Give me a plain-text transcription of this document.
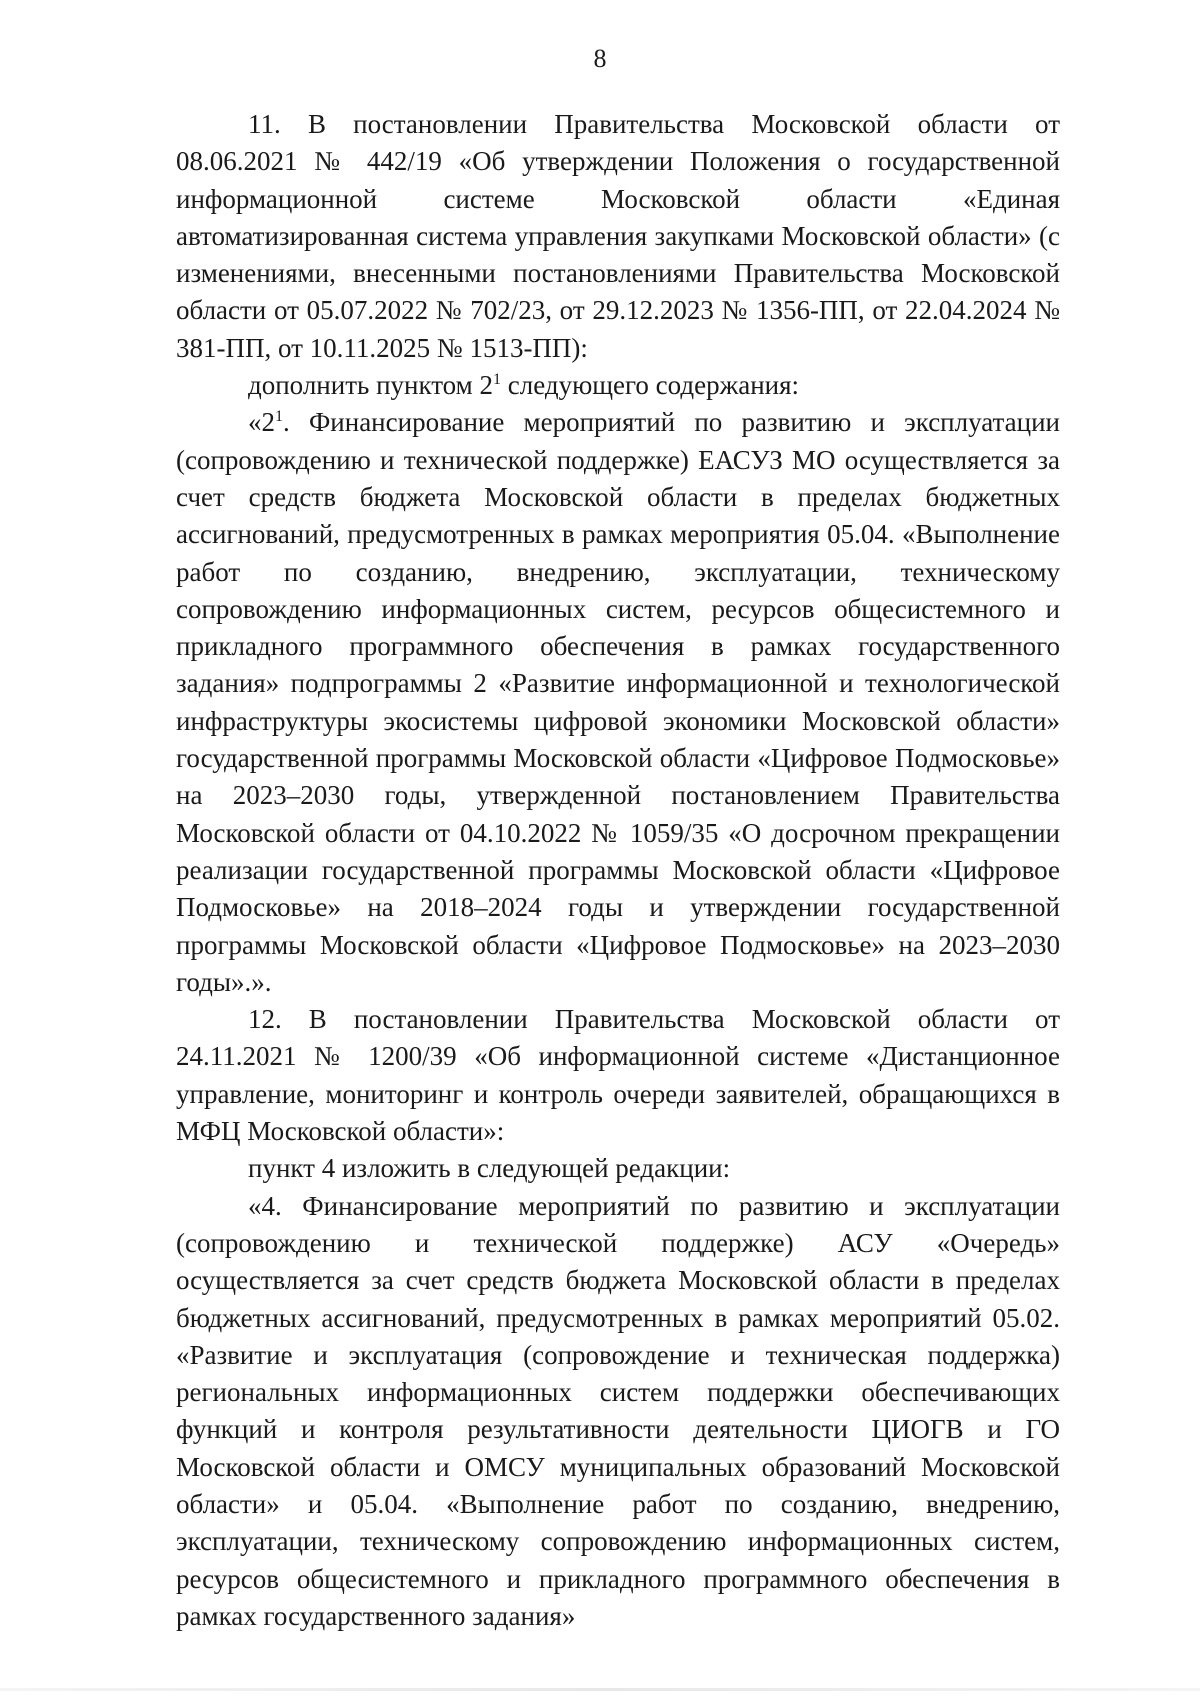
8

11. В постановлении Правительства Московской области от 08.06.2021 № 442/19 «Об утверждении Положения о государственной информационной системе Московской области «Единая автоматизированная система управления закупками Московской области» (с изменениями, внесенными постановлениями Правительства Московской области от 05.07.2022 № 702/23, от 29.12.2023 № 1356-ПП, от 22.04.2024 № 381-ПП, от 10.11.2025 № 1513-ПП):

дополнить пунктом $2^1$ следующего содержания:

«$2^1$. Финансирование мероприятий по развитию и эксплуатации (сопровождению и технической поддержке) ЕАСУЗ МО осуществляется за счет средств бюджета Московской области в пределах бюджетных ассигнований, предусмотренных в рамках мероприятия 05.04. «Выполнение работ по созданию, внедрению, эксплуатации, техническому сопровождению информационных систем, ресурсов общесистемного и прикладного программного обеспечения в рамках государственного задания» подпрограммы 2 «Развитие информационной и технологической инфраструктуры экосистемы цифровой экономики Московской области» государственной программы Московской области «Цифровое Подмосковье» на 2023–2030 годы, утвержденной постановлением Правительства Московской области от 04.10.2022 № 1059/35 «О досрочном прекращении реализации государственной программы Московской области «Цифровое Подмосковье» на 2018–2024 годы и утверждении государственной программы Московской области «Цифровое Подмосковье» на 2023–2030 годы».».

12. В постановлении Правительства Московской области от 24.11.2021 № 1200/39 «Об информационной системе «Дистанционное управление, мониторинг и контроль очереди заявителей, обращающихся в МФЦ Московской области»:

пункт 4 изложить в следующей редакции:

«4. Финансирование мероприятий по развитию и эксплуатации (сопровождению и технической поддержке) АСУ «Очередь» осуществляется за счет средств бюджета Московской области в пределах бюджетных ассигнований, предусмотренных в рамках мероприятий 05.02. «Развитие и эксплуатация (сопровождение и техническая поддержка) региональных информационных систем поддержки обеспечивающих функций и контроля результативности деятельности ЦИОГВ и ГО Московской области и ОМСУ муниципальных образований Московской области» и 05.04. «Выполнение работ по созданию, внедрению, эксплуатации, техническому сопровождению информационных систем, ресурсов общесистемного и прикладного программного обеспечения в рамках государственного задания»
